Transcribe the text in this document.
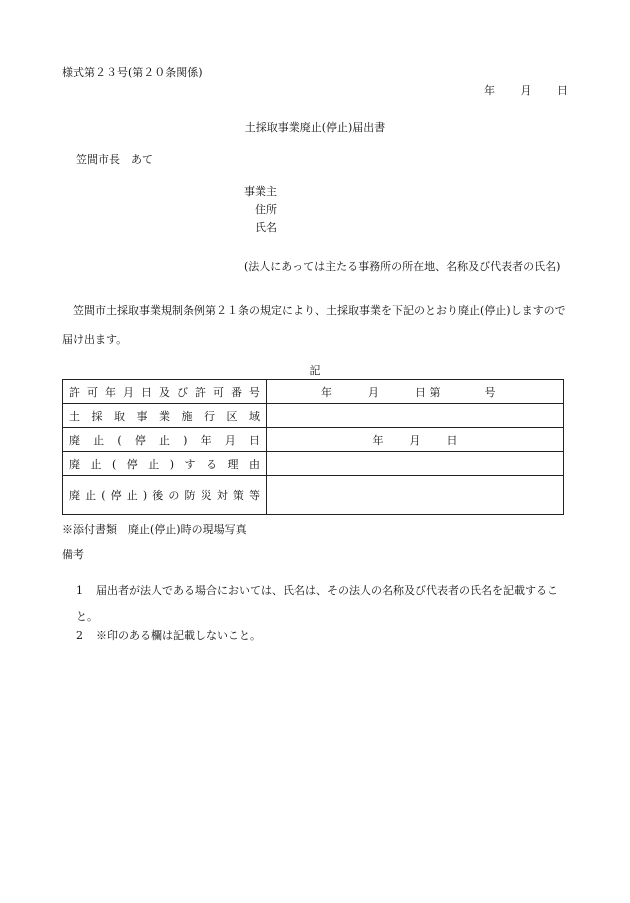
様式第２３号(第２０条関係)
年 月 日
土採取事業廃止(停止)届出書
笠間市長　あて
事業主
住所
氏名
(法人にあっては主たる事務所の所在地、名称及び代表者の氏名)
笠間市土採取事業規制条例第２１条の規定により、土採取事業を下記のとおり廃止(停止)しますので届け出ます。
記
許可年月日及び許可番号	年 月 日 第 号

土採取事業施行区域	

廃止(停止)年月日	年 月 日

廃止(停止)する理由	

廃止(停止)後の防災対策等	

※添付書類　廃止(停止)時の現場写真
備考
1 届出者が法人である場合においては、氏名は、その法人の名称及び代表者の氏名を記載すること。
2 ※印のある欄は記載しないこと。
